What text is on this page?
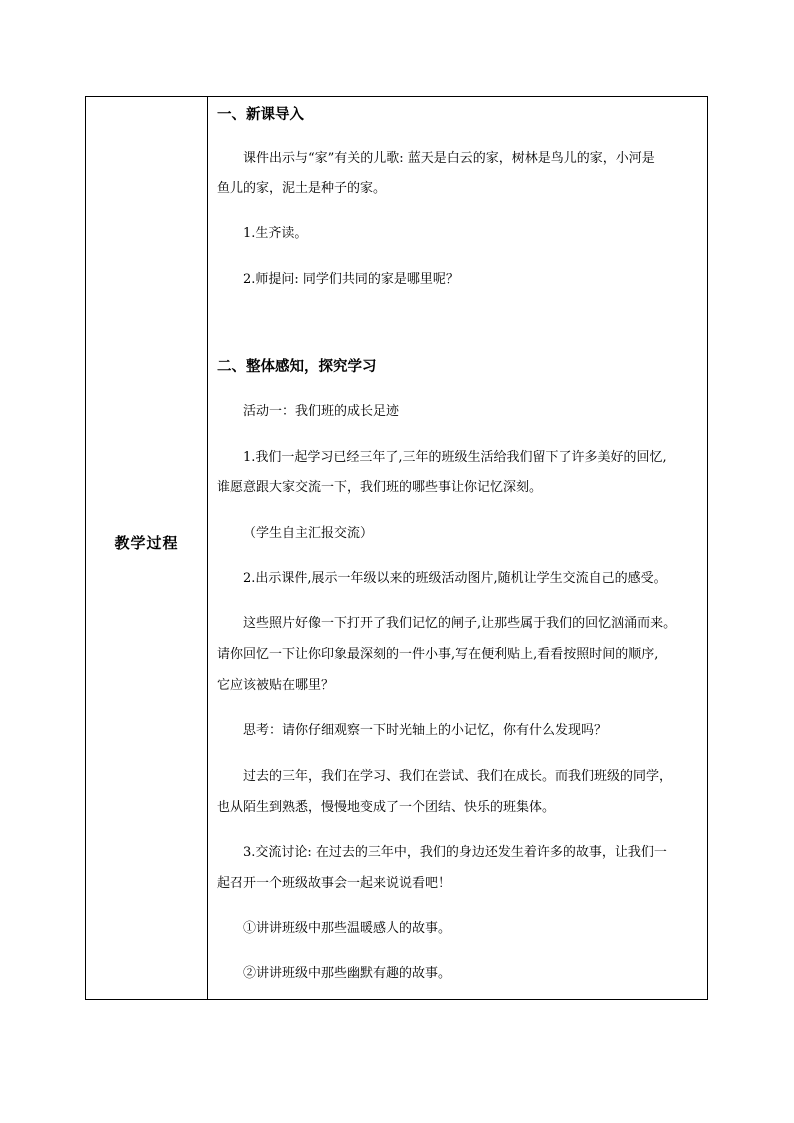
教学过程
一、新课导入
课件出示与“家”有关的儿歌: 蓝天是白云的家，树林是鸟儿的家，小河是
鱼儿的家，泥土是种子的家。
1.生齐读。
2.师提问: 同学们共同的家是哪里呢？
二、整体感知，探究学习
活动一：我们班的成长足迹
1.我们一起学习已经三年了,三年的班级生活给我们留下了许多美好的回忆,
谁愿意跟大家交流一下，我们班的哪些事让你记忆深刻。
（学生自主汇报交流）
2.出示课件,展示一年级以来的班级活动图片,随机让学生交流自己的感受。
这些照片好像一下打开了我们记忆的闸子,让那些属于我们的回忆汹涌而来。
请你回忆一下让你印象最深刻的一件小事,写在便利贴上,看看按照时间的顺序,
它应该被贴在哪里？
思考：请你仔细观察一下时光轴上的小记忆，你有什么发现吗？
过去的三年，我们在学习、我们在尝试、我们在成长。而我们班级的同学，
也从陌生到熟悉，慢慢地变成了一个团结、快乐的班集体。
3.交流讨论: 在过去的三年中，我们的身边还发生着许多的故事，让我们一
起召开一个班级故事会一起来说说看吧！
①讲讲班级中那些温暖感人的故事。
②讲讲班级中那些幽默有趣的故事。
